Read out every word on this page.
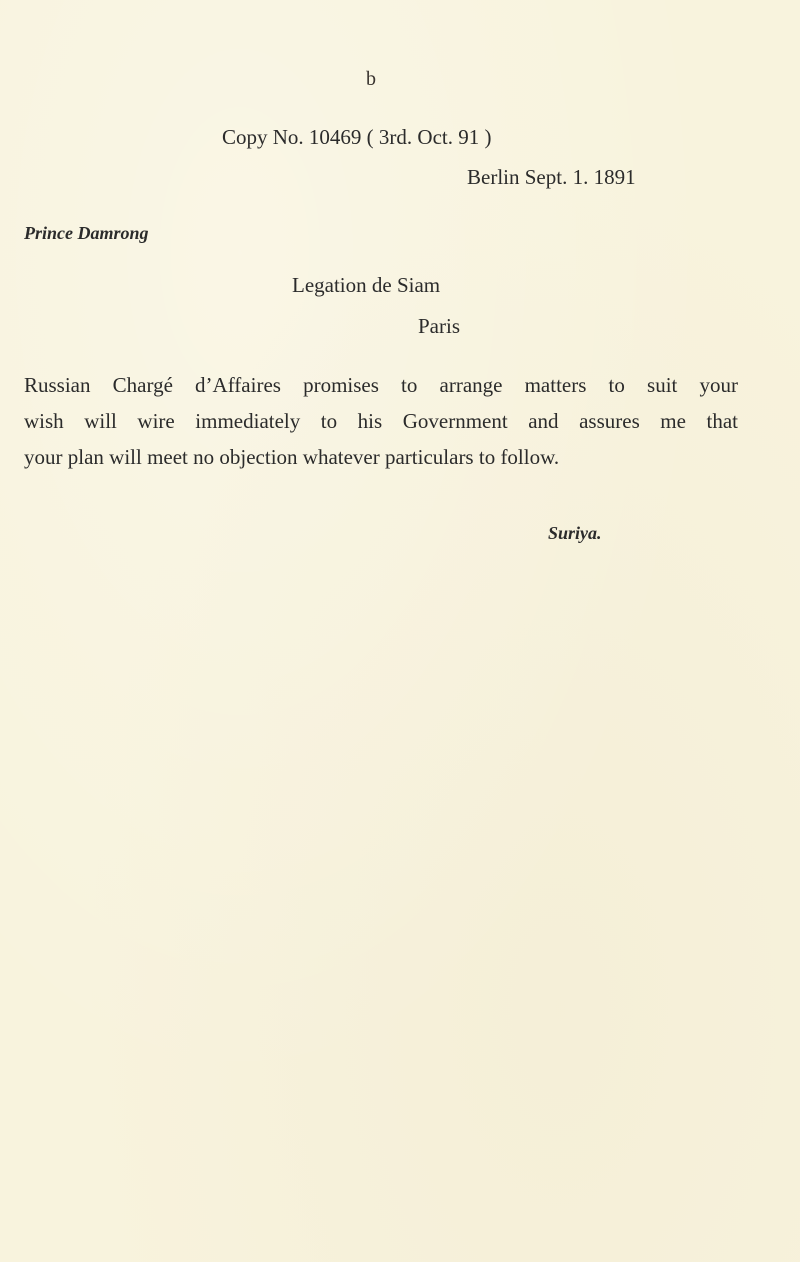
b
Copy No. 10469 ( 3rd. Oct. 91 )
Berlin Sept. 1. 1891
Prince Damrong
Legation de Siam
Paris
Russian Chargé d’Affaires promises to arrange matters to suit your
wish will wire immediately to his Government and assures me that
your plan will meet no objection whatever particulars to follow.
Suriya.
